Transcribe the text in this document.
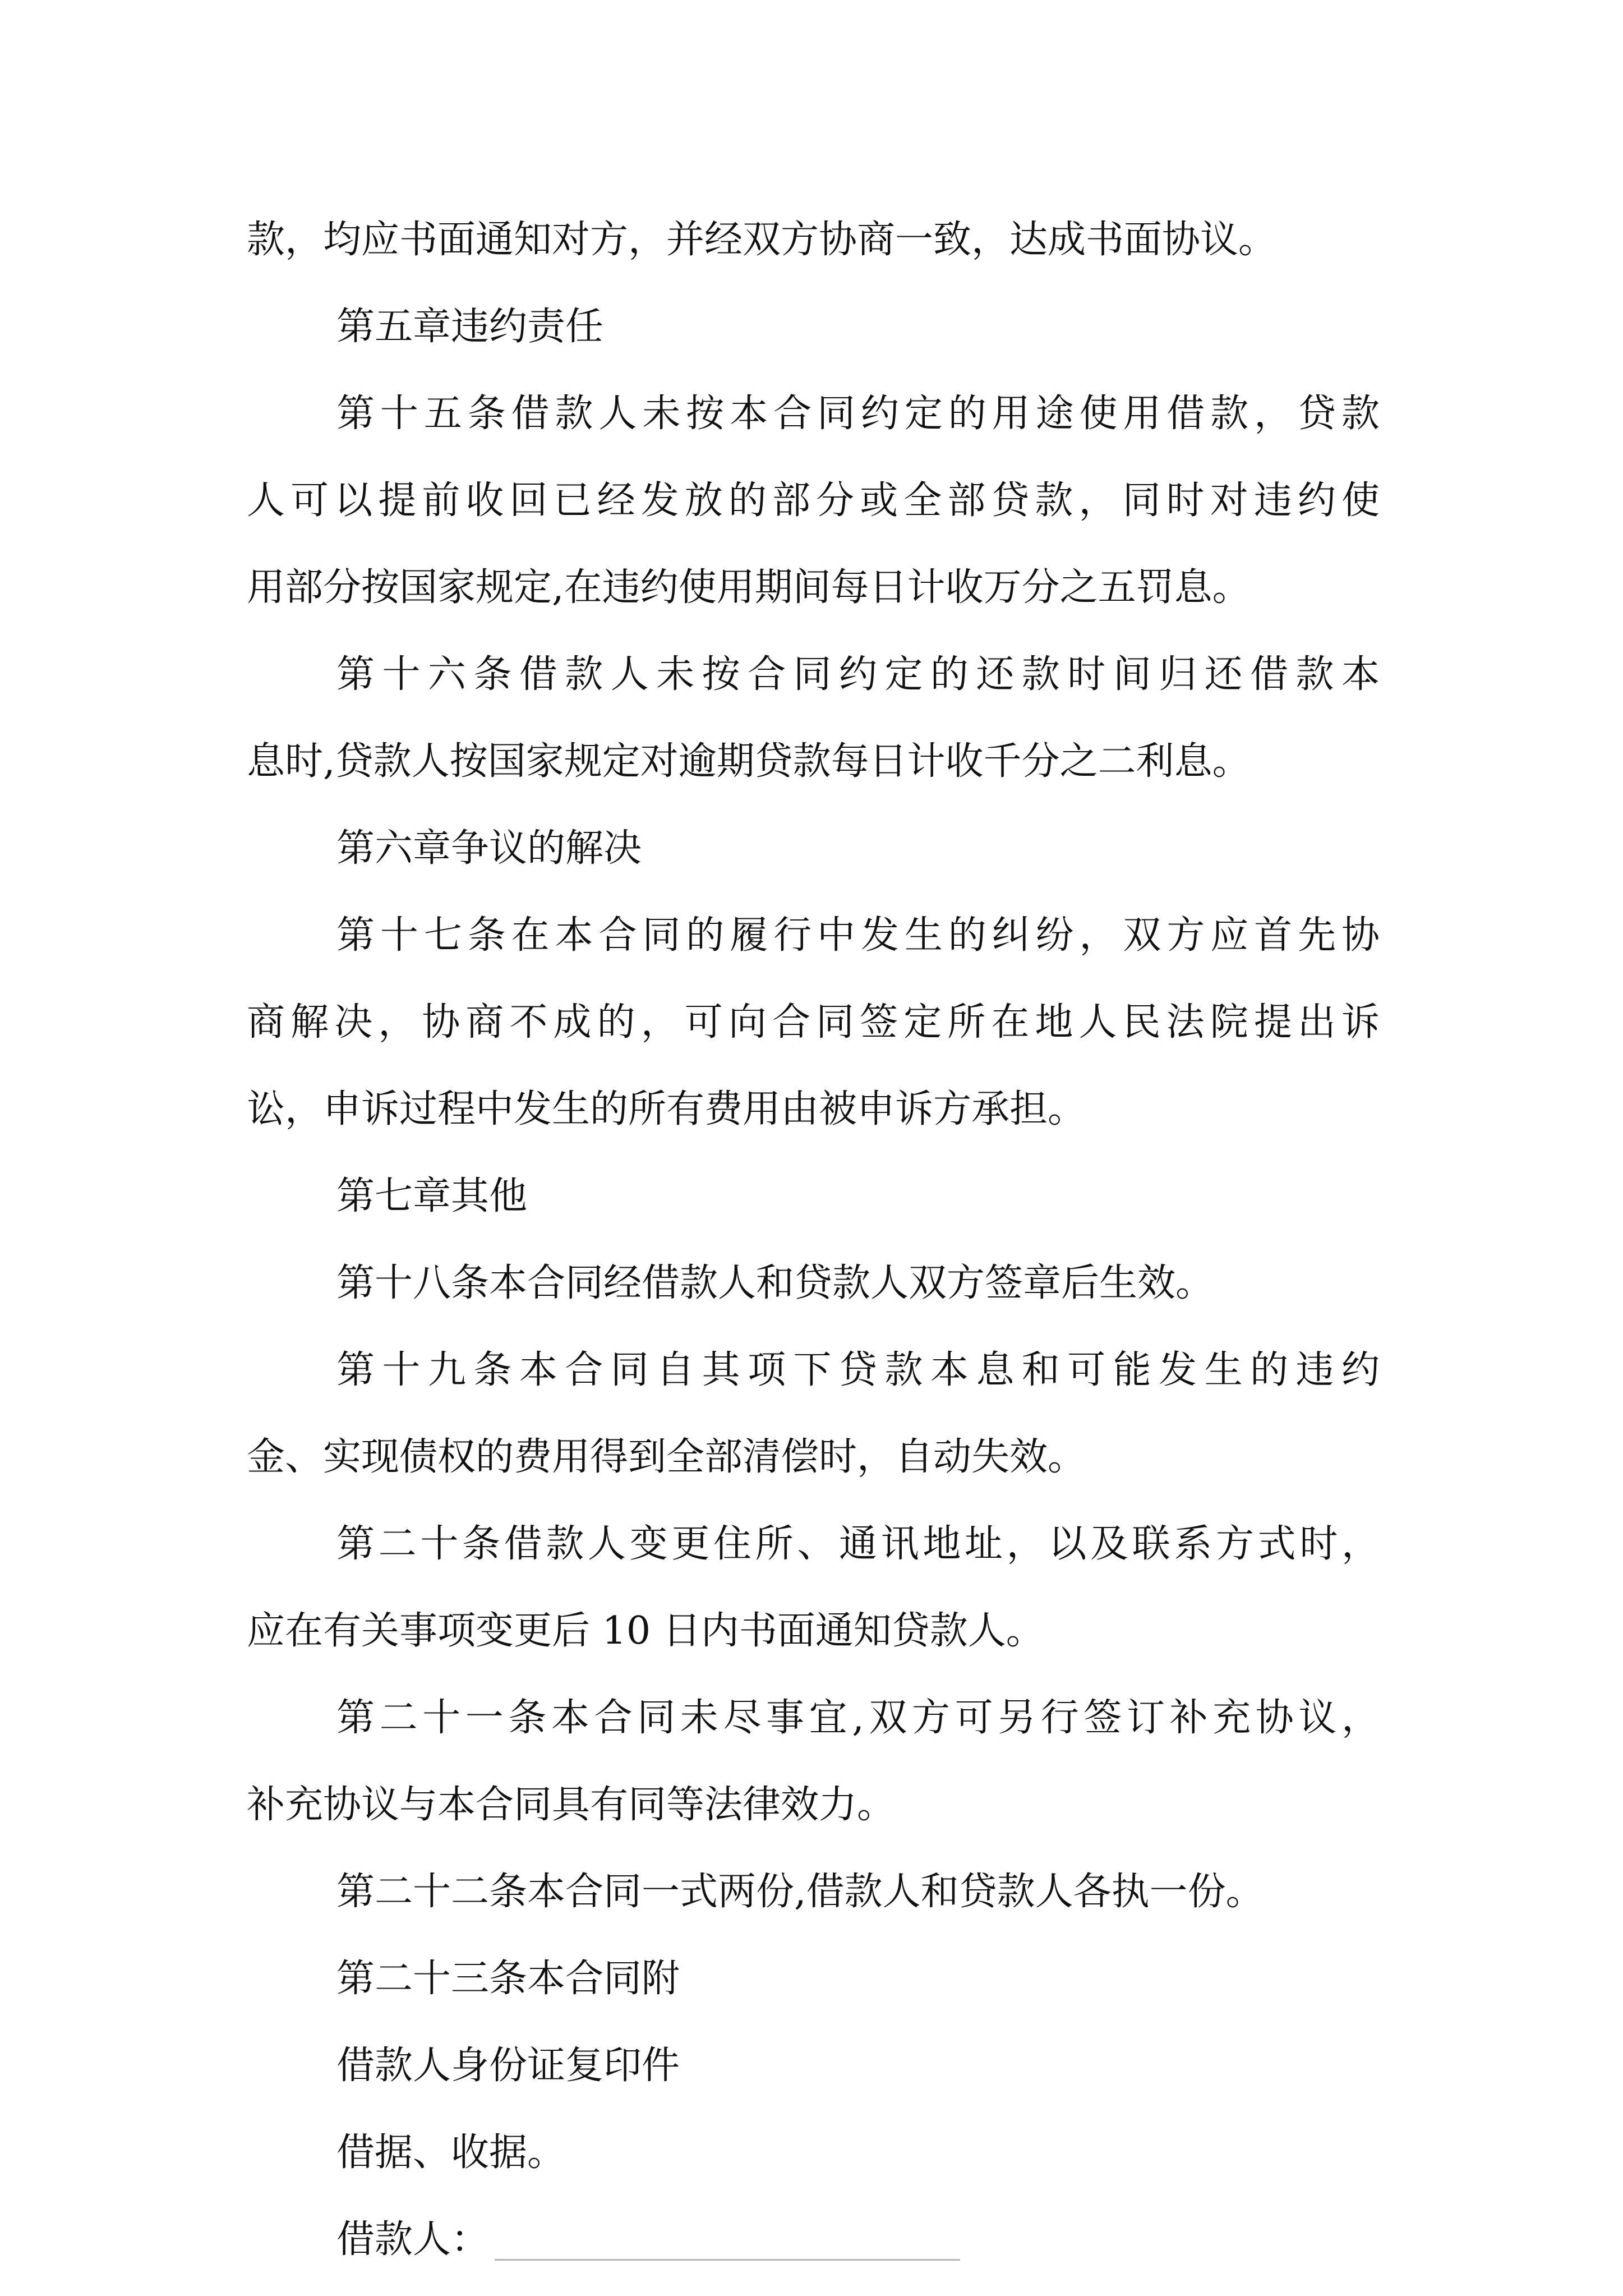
款，均应书面通知对方，并经双方协商一致，达成书面协议。
第五章违约责任
第十五条借款人未按本合同约定的用途使用借款，贷款
人可以提前收回已经发放的部分或全部贷款，同时对违约使
用部分按国家规定,在违约使用期间每日计收万分之五罚息。
第十六条借款人未按合同约定的还款时间归还借款本
息时,贷款人按国家规定对逾期贷款每日计收千分之二利息。
第六章争议的解决
第十七条在本合同的履行中发生的纠纷，双方应首先协
商解决，协商不成的，可向合同签定所在地人民法院提出诉
讼，申诉过程中发生的所有费用由被申诉方承担。
第七章其他
第十八条本合同经借款人和贷款人双方签章后生效。
第十九条本合同自其项下贷款本息和可能发生的违约
金、实现债权的费用得到全部清偿时，自动失效。
第二十条借款人变更住所、通讯地址，以及联系方式时，
应在有关事项变更后 10 日内书面通知贷款人。
第二十一条本合同未尽事宜,双方可另行签订补充协议，
补充协议与本合同具有同等法律效力。
第二十二条本合同一式两份,借款人和贷款人各执一份。
第二十三条本合同附
借款人身份证复印件
借据、收据。
借款人：
